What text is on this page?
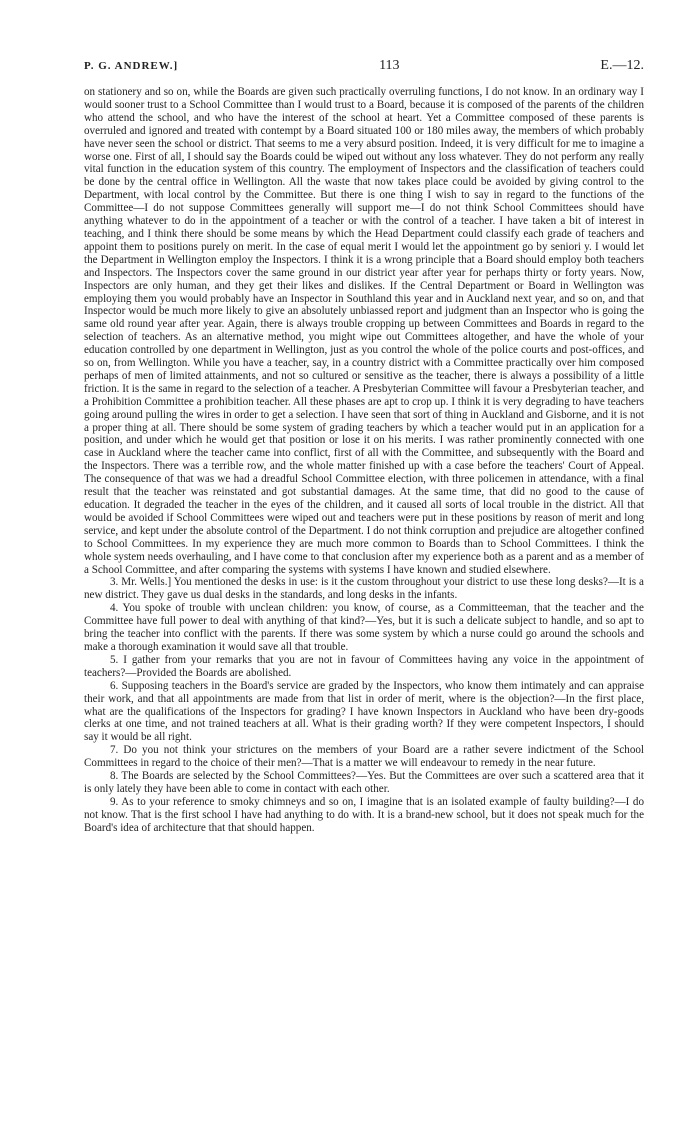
P. G. ANDREW.]	113	E.—12.

on stationery and so on, while the Boards are given such practically overruling functions, I do not know. In an ordinary way I would sooner trust to a School Committee than I would trust to a Board, because it is composed of the parents of the children who attend the school, and who have the interest of the school at heart. Yet a Committee composed of these parents is overruled and ignored and treated with contempt by a Board situated 100 or 180 miles away, the members of which probably have never seen the school or district. That seems to me a very absurd position. Indeed, it is very difficult for me to imagine a worse one. First of all, I should say the Boards could be wiped out without any loss whatever. They do not perform any really vital function in the education system of this country. The employment of Inspectors and the classification of teachers could be done by the central office in Wellington. All the waste that now takes place could be avoided by giving control to the Department, with local control by the Committee. But there is one thing I wish to say in regard to the functions of the Committee—I do not suppose Committees generally will support me—I do not think School Committees should have anything whatever to do in the appointment of a teacher or with the control of a teacher. I have taken a bit of interest in teaching, and I think there should be some means by which the Head Department could classify each grade of teachers and appoint them to positions purely on merit. In the case of equal merit I would let the appointment go by seniori y. I would let the Department in Wellington employ the Inspectors. I think it is a wrong principle that a Board should employ both teachers and Inspectors. The Inspectors cover the same ground in our district year after year for perhaps thirty or forty years. Now, Inspectors are only human, and they get their likes and dislikes. If the Central Department or Board in Wellington was employing them you would probably have an Inspector in Southland this year and in Auckland next year, and so on, and that Inspector would be much more likely to give an absolutely unbiassed report and judgment than an Inspector who is going the same old round year after year. Again, there is always trouble cropping up between Committees and Boards in regard to the selection of teachers. As an alternative method, you might wipe out Committees altogether, and have the whole of your education controlled by one department in Wellington, just as you control the whole of the police courts and post-offices, and so on, from Wellington. While you have a teacher, say, in a country district with a Committee practically over him composed perhaps of men of limited attainments, and not so cultured or sensitive as the teacher, there is always a possibility of a little friction. It is the same in regard to the selection of a teacher. A Presbyterian Committee will favour a Presbyterian teacher, and a Prohibition Committee a prohibition teacher. All these phases are apt to crop up. I think it is very degrading to have teachers going around pulling the wires in order to get a selection. I have seen that sort of thing in Auckland and Gisborne, and it is not a proper thing at all. There should be some system of grading teachers by which a teacher would put in an application for a position, and under which he would get that position or lose it on his merits. I was rather prominently connected with one case in Auckland where the teacher came into conflict, first of all with the Committee, and subsequently with the Board and the Inspectors. There was a terrible row, and the whole matter finished up with a case before the teachers' Court of Appeal. The consequence of that was we had a dreadful School Committee election, with three policemen in attendance, with a final result that the teacher was reinstated and got substantial damages. At the same time, that did no good to the cause of education. It degraded the teacher in the eyes of the children, and it caused all sorts of local trouble in the district. All that would be avoided if School Committees were wiped out and teachers were put in these positions by reason of merit and long service, and kept under the absolute control of the Department. I do not think corruption and prejudice are altogether confined to School Committees. In my experience they are much more common to Boards than to School Committees. I think the whole system needs overhauling, and I have come to that conclusion after my experience both as a parent and as a member of a School Committee, and after comparing the systems with systems I have known and studied elsewhere.

3. Mr. Wells.] You mentioned the desks in use: is it the custom throughout your district to use these long desks?—It is a new district. They gave us dual desks in the standards, and long desks in the infants.

4. You spoke of trouble with unclean children: you know, of course, as a Committeeman, that the teacher and the Committee have full power to deal with anything of that kind?—Yes, but it is such a delicate subject to handle, and so apt to bring the teacher into conflict with the parents. If there was some system by which a nurse could go around the schools and make a thorough examination it would save all that trouble.

5. I gather from your remarks that you are not in favour of Committees having any voice in the appointment of teachers?—Provided the Boards are abolished.

6. Supposing teachers in the Board's service are graded by the Inspectors, who know them intimately and can appraise their work, and that all appointments are made from that list in order of merit, where is the objection?—In the first place, what are the qualifications of the Inspectors for grading? I have known Inspectors in Auckland who have been dry-goods clerks at one time, and not trained teachers at all. What is their grading worth? If they were competent Inspectors, I should say it would be all right.

7. Do you not think your strictures on the members of your Board are a rather severe indictment of the School Committees in regard to the choice of their men?—That is a matter we will endeavour to remedy in the near future.

8. The Boards are selected by the School Committees?—Yes. But the Committees are over such a scattered area that it is only lately they have been able to come in contact with each other.

9. As to your reference to smoky chimneys and so on, I imagine that is an isolated example of faulty building?—I do not know. That is the first school I have had anything to do with. It is a brand-new school, but it does not speak much for the Board's idea of architecture that that should happen.
